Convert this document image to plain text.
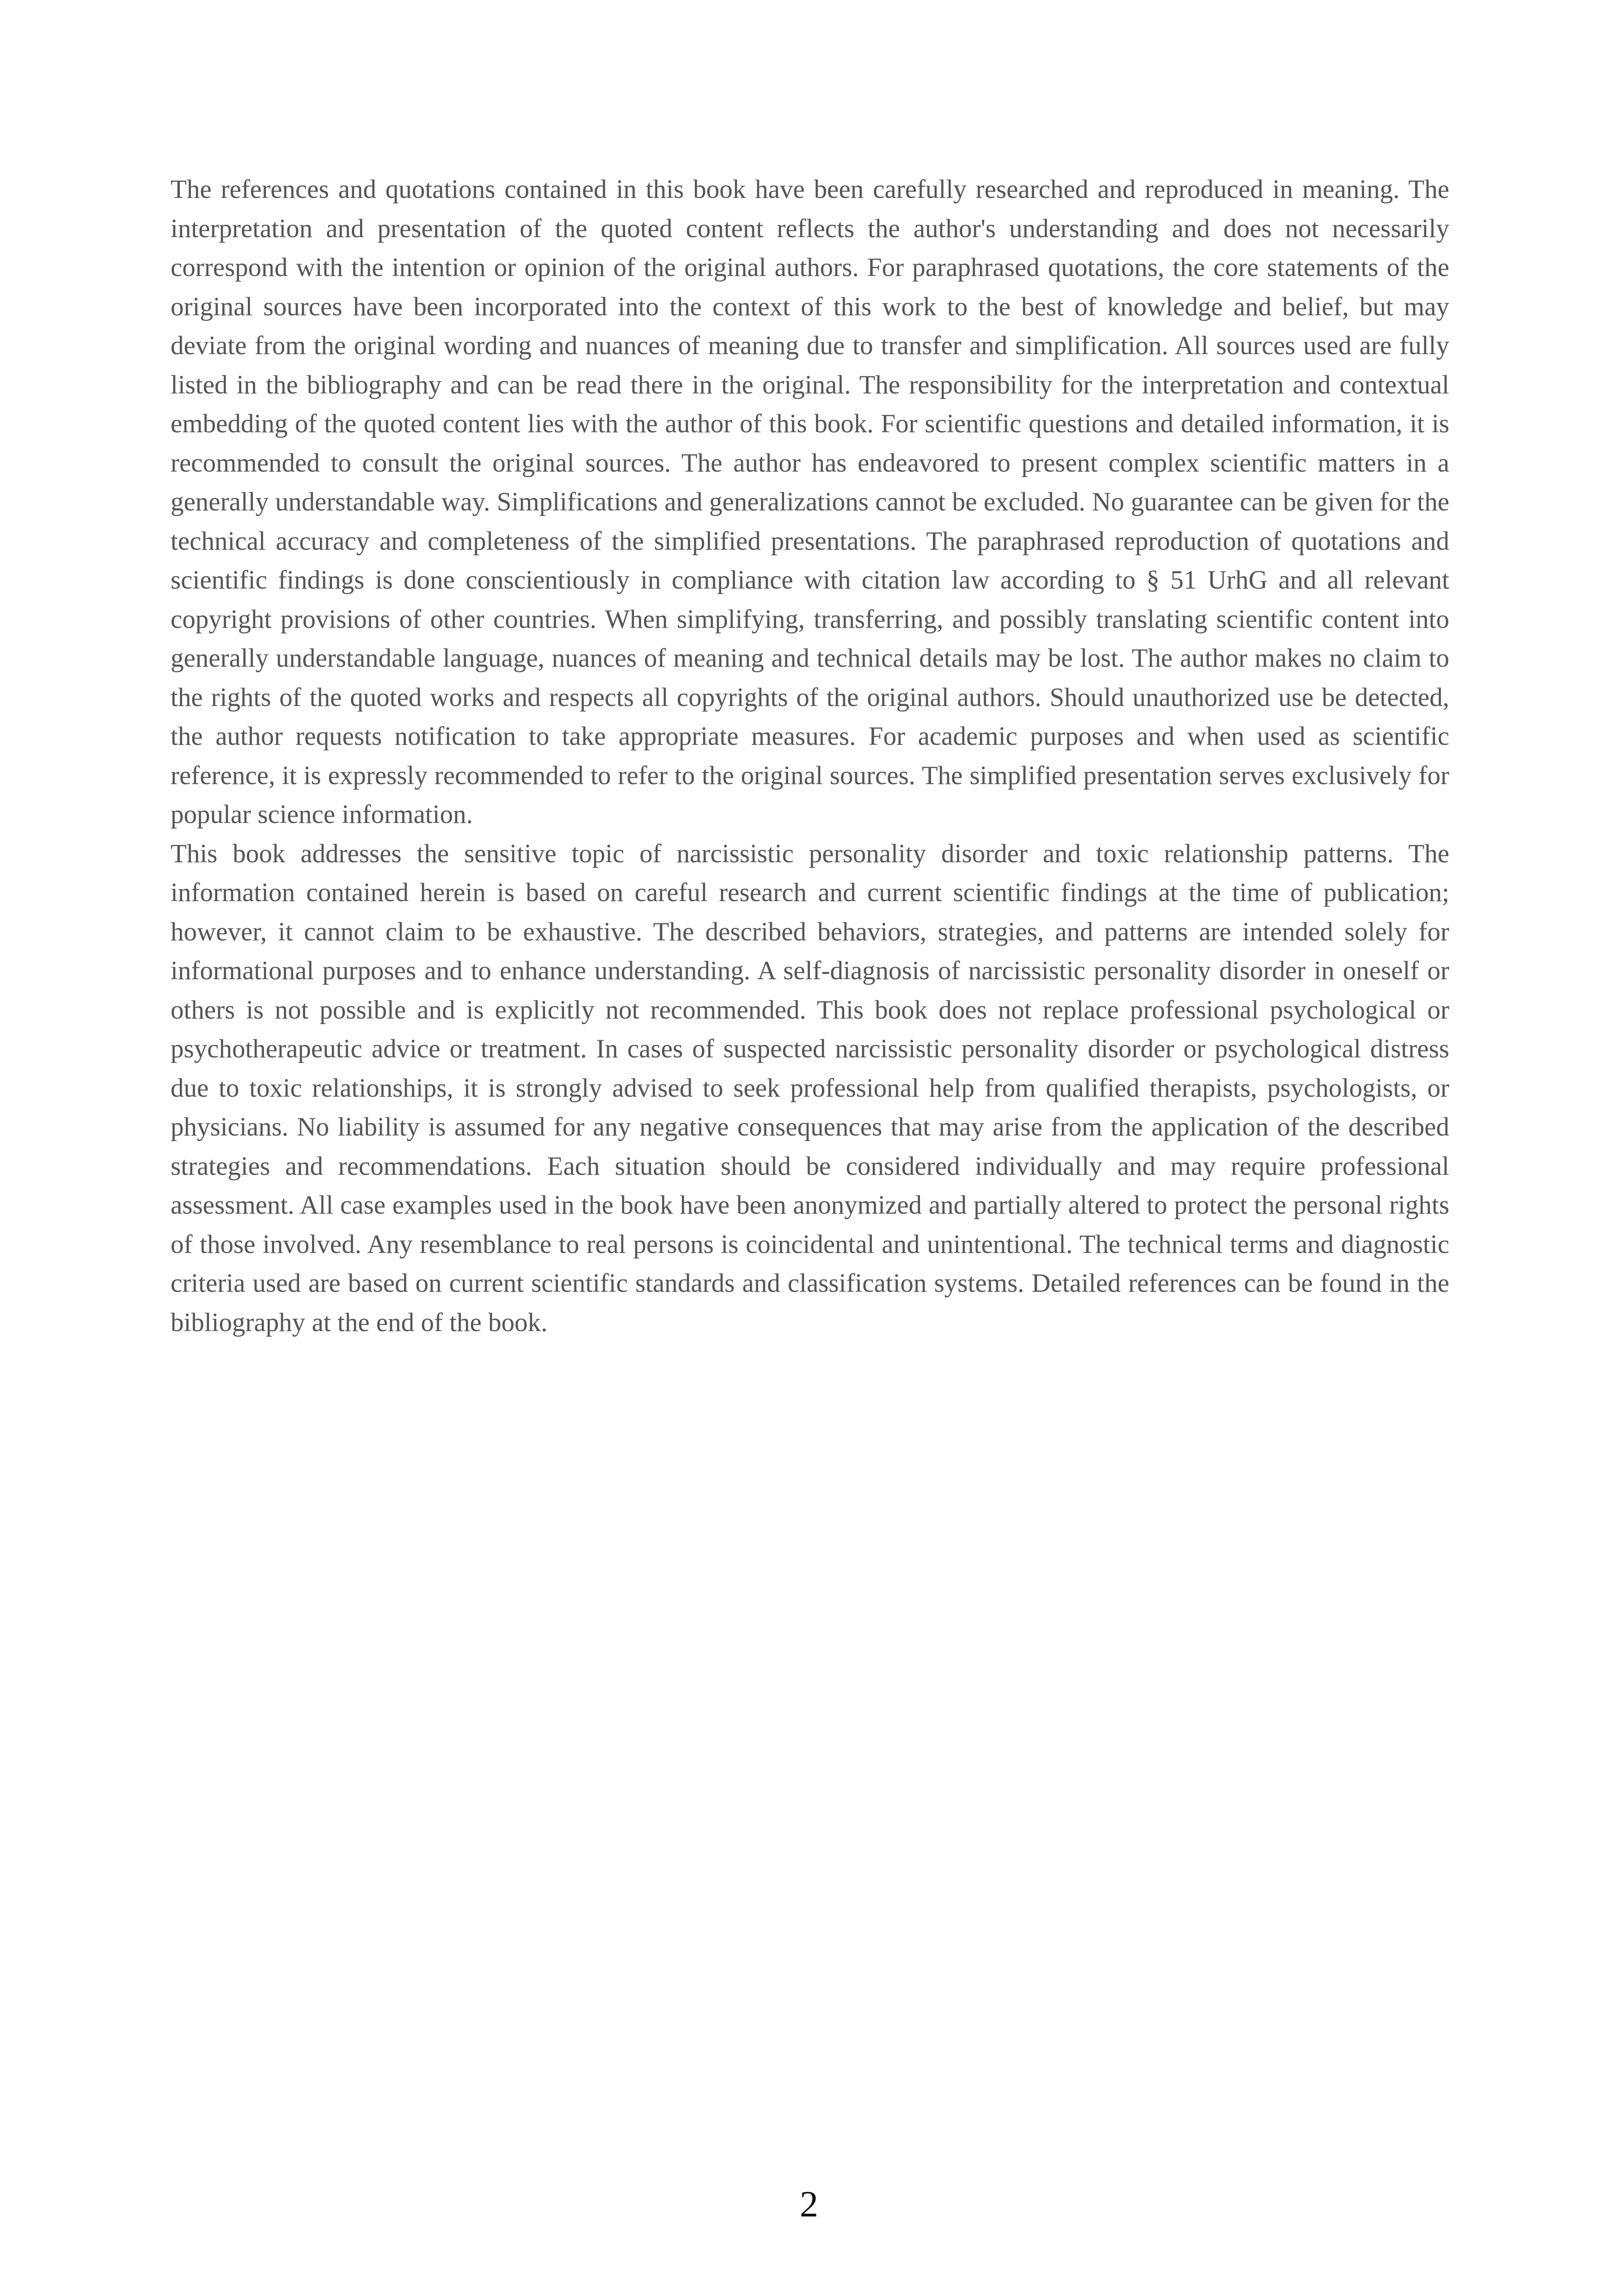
The references and quotations contained in this book have been carefully researched and reproduced in meaning. The interpretation and presentation of the quoted content reflects the author's understanding and does not necessarily correspond with the intention or opinion of the original authors. For paraphrased quotations, the core statements of the original sources have been incorporated into the context of this work to the best of knowledge and belief, but may deviate from the original wording and nuances of meaning due to transfer and simplification. All sources used are fully listed in the bibliography and can be read there in the original. The responsibility for the interpretation and contextual embedding of the quoted content lies with the author of this book. For scientific questions and detailed information, it is recommended to consult the original sources. The author has endeavored to present complex scientific matters in a generally understandable way. Simplifications and generalizations cannot be excluded. No guarantee can be given for the technical accuracy and completeness of the simplified presentations. The paraphrased reproduction of quotations and scientific findings is done conscientiously in compliance with citation law according to § 51 UrhG and all relevant copyright provisions of other countries. When simplifying, transferring, and possibly translating scientific content into generally understandable language, nuances of meaning and technical details may be lost. The author makes no claim to the rights of the quoted works and respects all copyrights of the original authors. Should unauthorized use be detected, the author requests notification to take appropriate measures. For academic purposes and when used as scientific reference, it is expressly recommended to refer to the original sources. The simplified presentation serves exclusively for popular science information.

This book addresses the sensitive topic of narcissistic personality disorder and toxic relationship patterns. The information contained herein is based on careful research and current scientific findings at the time of publication; however, it cannot claim to be exhaustive. The described behaviors, strategies, and patterns are intended solely for informational purposes and to enhance understanding. A self-diagnosis of narcissistic personality disorder in oneself or others is not possible and is explicitly not recommended. This book does not replace professional psychological or psychotherapeutic advice or treatment. In cases of suspected narcissistic personality disorder or psychological distress due to toxic relationships, it is strongly advised to seek professional help from qualified therapists, psychologists, or physicians. No liability is assumed for any negative consequences that may arise from the application of the described strategies and recommendations. Each situation should be considered individually and may require professional assessment. All case examples used in the book have been anonymized and partially altered to protect the personal rights of those involved. Any resemblance to real persons is coincidental and unintentional. The technical terms and diagnostic criteria used are based on current scientific standards and classification systems. Detailed references can be found in the bibliography at the end of the book.

2
